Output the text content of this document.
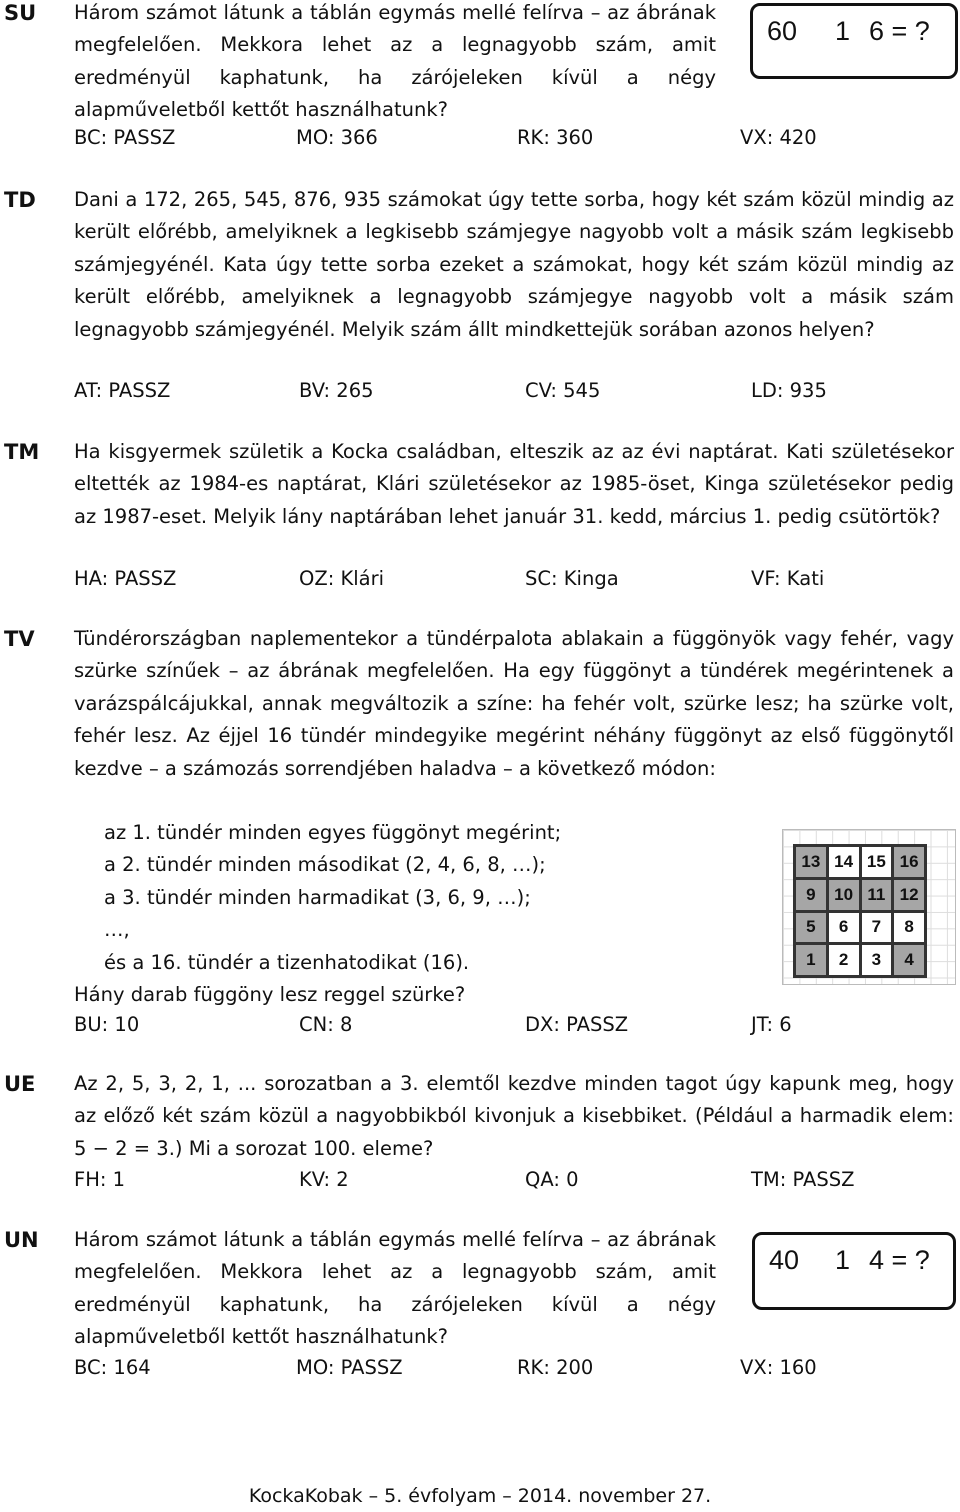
SU Három számot látunk a táblán egymás mellé felírva – az ábrának megfelelően. Mekkora lehet az a legnagyobb szám, amit eredményül kaphatunk, ha zárójeleken kívül a négy alapműveletből kettőt használhatunk?
60 1 6 = ?
BC: PASSZ	MO: 366	RK: 360	VX: 420
TD Dani a 172, 265, 545, 876, 935 számokat úgy tette sorba, hogy két szám közül mindig az került előrébb, amelyiknek a legkisebb számjegye nagyobb volt a másik szám legkisebb számjegyénél. Kata úgy tette sorba ezeket a számokat, hogy két szám közül mindig az került előrébb, amelyiknek a legnagyobb számjegye nagyobb volt a másik szám legnagyobb számjegyénél. Melyik szám állt mindkettejük sorában azonos helyen?
AT: PASSZ	BV: 265	CV: 545	LD: 935
TM Ha kisgyermek születik a Kocka családban, elteszik az az évi naptárat. Kati születésekor eltették az 1984-es naptárat, Klári születésekor az 1985-öset, Kinga születésekor pedig az 1987-eset. Melyik lány naptárában lehet január 31. kedd, március 1. pedig csütörtök?
HA: PASSZ	OZ: Klári	SC: Kinga	VF: Kati
TV Tündérországban naplementekor a tündérpalota ablakain a függönyök vagy fehér, vagy szürke színűek – az ábrának megfelelően. Ha egy függönyt a tündérek megérintenek a varázspálcájukkal, annak megváltozik a színe: ha fehér volt, szürke lesz; ha szürke volt, fehér lesz. Az éjjel 16 tündér mindegyike megérint néhány függönyt az első függönytől kezdve – a számozás sorrendjében haladva – a következő módon:
az 1. tündér minden egyes függönyt megérint;
a 2. tündér minden másodikat (2, 4, 6, 8, …);
a 3. tündér minden harmadikat (3, 6, 9, …);
…,
és a 16. tündér a tizenhatodikat (16).
Hány darab függöny lesz reggel szürke?
13 14 15 16
9	10 11 12
5	6	7	8
1	2	3	4
BU: 10	CN: 8	DX: PASSZ	JT: 6
UE Az 2, 5, 3, 2, 1, ... sorozatban a 3. elemtől kezdve minden tagot úgy kapunk meg, hogy az előző két szám közül a nagyobbikból kivonjuk a kisebbiket. (Például a harmadik elem: 5 − 2 = 3.) Mi a sorozat 100. eleme?
FH: 1	KV: 2	QA: 0	TM: PASSZ
UN Három számot látunk a táblán egymás mellé felírva – az ábrának megfelelően. Mekkora lehet az a legnagyobb szám, amit eredményül kaphatunk, ha zárójeleken kívül a négy alapműveletből kettőt használhatunk?
40 1 4 = ?
BC: 164	MO: PASSZ	RK: 200	VX: 160
KockaKobak – 5. évfolyam – 2014. november 27.
